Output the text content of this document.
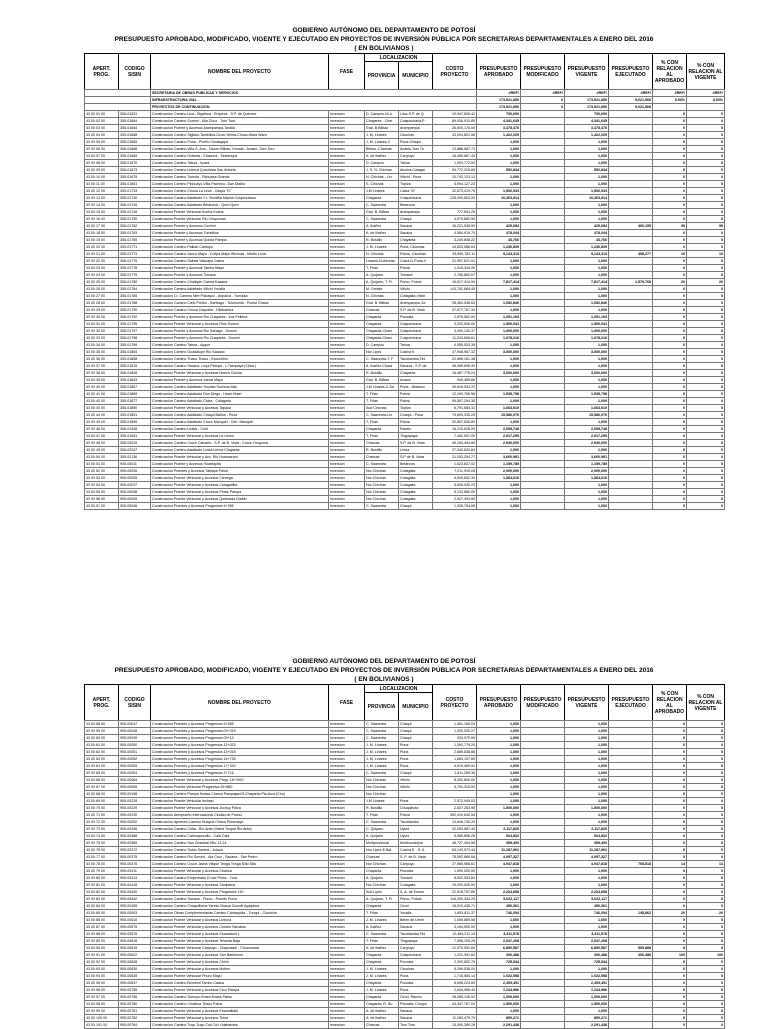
GOBIERNO AUTÓNOMO DEL DEPARTAMENTO DE POTOSÍ
PRESUPUESTO APROBADO, MODIFICADO, VIGENTE Y EJECUTADO EN PROYECTOS DE INVERSIÓN PÚBLICA POR SECRETARIAS DEPARTAMENTALES A ENERO DEL 2016
( EN BOLIVIANOS )
APERT. PROG.	CODIGO SISIN	NOMBRE DEL PROYECTO	FASE	LOCALIZACION		COSTO PROYECTO	PRESUPUESTO APROBADO	PRESUPUESTO MODIFICADO	PRESUPUESTO VIGENTE	PRESUPUESTO EJECUTADO	% CON RELACION AL APROBADO	% CON RELACION AL VIGENTE
				PROVINCIA	MUNICIPIO							
		SECRETARIA DE OBRAS PUBLICAS Y SERVICIOS					#REF!	#REF!	#REF!	#REF!	#REF!	#REF!
		INFRAESTRUCTURA VIAL					173,921,850	0	173,921,850	9,621,568	5.53%	5.53%
		PROYECTOS DE CONTINUACION					173,921,850	0	173,921,850	9,621,568		
43 00 01 00	355-01531	Construccion Camino Lica - Sigsihua - Empexa - S.P. de Quemez	Inversion	D. Campos-Ni.Li	Llica-S.P. de Q	10,947,806.42	700,000		700,000		0	0
43 00 02 00	355-01664	Construccion Camino Surumi - Alla Chuz - Toro Toro	Inversion	Chayanta - Char	Colquechaca-P	89,936,910.89	4,341,645		4,341,645		0	0
43 00 03 00	355-01644	Construccion Puente y Accesos Arampampa-Tanala	Inversion	Gral. B.Bilbao	Arampampa	26,600,175.00	3,478,476		3,478,476		0	0
43 00 04 00	355-01668	Construccion Camino Sigliani-Tambillos-Ocuri-Yelma-Chuza-Wara Wara	Inversion	J. M. Linares	Ckochas	33,004,801.56	1,422,205		1,422,205		0	0
43 00 05 00	355-01665	Construccion Camino Puna - Puerto Ckotaqaya	Inversion	J. M. Linares-C	Puna-Chaqui		1,000		1,000		0	0
43 00 06 00	355-01668	Construccion Camino Villa S. Ana - Tacom Bilbao-Yumala - Acasio -Toro Toro	Inversion	Bilbao -Charcas	Acasio-Toro To	13,886,887.73	1,000		1,000		0	0
43 00 07 00	355-01669	Construccion Camino Ocberla - Chacumi - Sewenque	Inversion	A. de Ibañez	Caripuyo	18,489,867.43	1,000		1,000		0	0
43 00 08 00	355-01670	Construccion Camino Tahua - Irpani	Inversion	D. Campos	Tahua	1,903,772.09	1,000		1,000		0	0
43 00 09 00	355-01673	Construccion Camino Limeca Quechisla San Antonio	Inversion	J. S. N. Chichas	Atocha-Cotagai	94,772,315.65	552,834		552,834		0	0
43 00 10 00	355-01675	Construccion Camino Tomola - Rahuasa Grande	Inversion	N. Chichas - Lin	Vitichi - Puna	10,742,123.13	1,000		1,000		0	0
43 00 11 00	355-01661	Construccion Camino Pinhuayo-Villa Pacheco -San Diablo	Inversion	S. Chichas	Tupiza	6,994,127.23	1,000		1,000		0	0
43 00 12 00	355-01733	Construccion Camino Chuca La Leva - Caspa "D"	Inversion	J.M Linares	Caiza "D"	32,673,419.75	1,506,933		1,506,933		0	0
43 00 13 00	355-01740	Construccion Camino Asfaltado Cr. Vicmillia Macha Colquechaca	Inversion	Chayanta	Colquechaca	125,493,603.05	10,403,914		10,403,914		0	0
43 00 14 00	355-01745	Construccion Camino Asfaltado Betanzos - Quivi Quivi	Inversion	C. Saavedra	Betanzos		1,000		1,000		0	0
43 00 15 00	355-01749	Construccion Puente Vehicular Kocha Kocha	Inversion	Gral. B. Bilbao	Arampampa	777,694.25	1,000		1,000		0	0
43 00 16 00	355-01750	Construccion Puente Vehicular Rio Chiquiuran	Inversion	C. Saavedra	Chaqui	4,575,682.90	1,000		1,000		0	0
43 00 17 00	355-01762	Construccion Puente y Accesos Cochini	Inversion	A. Ibañez	Sacaca	16,221,538.59	425,684		425,684	406,155	95	95
43 00 18 00	355-01763	Construccion Puente y Accesos Tumbillos	Inversion	A. de Ibañez	Sacaca	4,584,919.70	478,044		478,044		0	0
43 00 19 00	355-01765	Construccion Puente y Accesos Quinta Pampa	Inversion	R. Bustillo	Chayanta	3,249,698.22	43,766		43,766		0	0
43 00 20 00	355-01771	Construccion Camino Palkari Cantuyo	Inversion	J. M. Linares	Puna, Ckochas	14,833,586.63	1,236,839		1,236,839		0	0
43 00 21 00	355-01773	Construccion Camino Janco Mayu - Collpa Mayu Wichuta - Medio Luna	Inversion	N. Chichas	Potosi, Ckochas	39,890,762.11	5,143,313		5,143,313	498,277	10	10
43 00 22 00	355-01775	Construccion Camino Saihtal Vilacaya Caiiza	Inversion	Linares-N.chichas	Caiza-D-Puna-V	21,957,621.01	1,000		1,000		0	0
43 00 23 00	355-01778	Construccion Puente y Accesos Tambo Mayu	Inversion	T. Frias	Potosi	1,015,344.99	1,000		1,000		0	0
43 00 24 00	355-01779	Construccion Puente y Accesos Tomave	Inversion	A. Quijarro	Tomave	2,785,862.07	1,000		1,000		0	0
43 00 25 00	355-01780	Construccion Camino Chaliapin Carma Kasana	Inversion	A. Quijarro, T. Fr	Porco, Potosi	16,617,414.94	7,817,414		7,817,414	1,579,768	20	20
43 00 26 00	355-01784	Construccion Camino Asfaltado Vitichi Yocalla	Inversion	M. Omiste	Vitichi	143,782,684.45	1,000		1,000		0	0
43 00 27 00	355-01785	Construccion Cr. Camino Nee Pickayoc - Anpalca - Tumaisa	Inversion	N. Chichas	Cotagaita-Vitich		1,000		1,000		0	0
43 00 28 00	355-01788	Construccion Camino Cielo Punku - Santiago - Tolomonia - Punku Chaca	Inversion	Gral. B. Bilbao	Arampampa, Ac	28,464,048.63	1,052,846		1,052,846		0	0
43 00 29 00	355-01790	Construccion Camino Chuca Cayualla - Ollobamba	Inversion	Charcas	S.P. de B. Vista	37,877,767.34	1,000		1,000		0	0
43 00 30 00	355-01792	Construccion Puente y Accesos Rio Chayanta - Irca Fellena	Inversion	Chayanta	Pocoata	2,975,562.00	1,351,163		1,351,163		0	0
43 00 31 00	355-01795	Construccion Puente Vehicular y Accesos Rios Surumi	Inversion	Chayanta	Colquechaca	3,200,000.00	1,506,941		1,506,941		0	0
43 00 32 00	355-01797	Construccion Puente y Accesos Rio Sanaga - Surumi	Inversion	Chayanta-Charc	Colquechaca	3,400,130.37	1,000,000		1,000,000		0	0
43 00 33 00	355-01798	Construccion Puente y Accesos Rio Chayanta - Surumi	Inversion	Chayanta-Charc	Colquechaca	11,224,608.61	1,678,216		1,678,216		0	0
43 00 34 00	355-01799	Construccion Camino Tahua - Ayque	Inversion	D. Campos	Tahua	4,555,533.39	1,000		1,000		0	0
43 00 35 00	355-01804	Construccion Camino Guadalupe Rio Sacado	Inversion	Nor Lipez	Colcha K	47,948,967.32	3,000,000		3,000,000		0	0
43 00 36 00	355-01808	Construccion Camino Thaco Thaco - Escorichin	Inversion	C. Saavedra-T. F	Tacobamba,Tini	22,666,161.38	1,000		1,000		0	0
43 00 37 00	355-01815	Construccion Camino Sacaca -Leya Pampa - L.Tacopaya (Cbba.)	Inversion	A. Ibañez-Chara	Sacaca - S.P. de	38,489,698.39	1,000		1,000		0	0
43 00 38 00	355-01828	Construccion Puente Vehicular y Accesos Nueva Colcha	Inversion	R. Bustillo	Chayanta	16,487,776.24	3,000,000		3,000,000		0	0
43 00 39 00	355-01833	Construccion Puente y Accesos Jamal Mayu	Inversion	Gral. B. Bilbao	Acasio	940,485.66	1,000		1,000		0	0
43 00 40 00	355-01867	Construccion Camino Asfaltado Yurpata Suchma Alta	Inversion	J.M Linares-C.Sa	Puna - Betanzo	39,616,934.22	1,000		1,000		0	0
43 00 41 00	355-01869	Construccion Camino Asfaltado Don Diego - Huari Huari	Inversion	T. Frias	Potosi	12,109,766.56	1,535,798		1,535,798		0	0
43 00 42 00	355-01877	Construccion Camino Asfaltado Caiza - Cotagaita	Inversion	T. Frias	Potosi	59,557,294.38	1,000		1,000		0	0
43 00 43 00	355-01890	Construccion Puente Vehicular y Accesos Tapaxa	Inversion	Sud Chichas	Tupiza	6,791,684.33	1,663,010		1,663,010		0	0
43 00 44 00	355-01891	Construccion Camino Asfaltado Chaqui Baños - Puna	Inversion	C. Saavedra-Lin	Chaqui - Puna	73,693,335.25	15,586,076		15,586,076		0	0
43 00 45 00	355-01899	Construccion Camino Asfaltado Cruce Manquiri - Cerr. Manquiri	Inversion	T. Frias	Potosi	32,857,836.89	1,000		1,000		0	0
43 00 46 00	355-01908	Construccion Camino Leaka - Culti	Inversion	Chayanta	Ravelo	16,215,628.25	2,659,748		2,659,748		0	0
43 00 47 00	355-01941	Construccion Puente Vehicular y Accesos Le Union	Inversion	T. Frias	Tinguipaya	7,482,907.09	2,017,299		2,017,299		0	0
43 00 48 00	355-02019	Construccion Camino Cruce Calvario - S.P. de B. Vista - Cruce Yunguma	Inversion	Charcas	S.P. de B. Vista	45,154,494.66	2,940,000		2,940,000		0	0
43 00 49 00	355-02047	Construccion Camino Asfaltado Uncia Lirima Chayanta	Inversion	R. Bustillo	Uncia	27,242,632.84	1,000		1,000		0	0
43 00 50 00	355-02136	Construccion Puente Vehicular y Acc. Rio Huancarani	Inversion	Charcas	S.P de B. Vista	21,053,254.77	3,660,981		3,660,981		0	0
43 00 51 00	905-00011	Construccion Puente y Accesos Huantapita	Inversion	C. Saavedra	Betanzos	1,623,837.02	1,159,785		1,159,785		0	0
43 00 52 00	905-00026	Construccion Puentes y Accesos Tablaya Palca	Inversion	Nor Chichas	Cotagaita	7,011,919.05	2,000,000		2,000,000		0	0
43 00 53 00	905-00028	Construccion Puente Vehicular y Accesos Cienega	Inversion	Nor Chichas	Cotagaita	4,640,652.30	1,064,616		1,064,616		0	0
43 00 54 00	905-00037	Construccion Puente Vehicular y Accesos Cotagaitilla	Inversion	Nor Chichas	Cotagaita	5,635,930.23	1,000		1,000		0	0
43 00 55 00	905-00038	Construccion Puente Vehicular y Accesos Peras Pampa	Inversion	Nor Chichas	Cotagaita	5,133,880.09	1,000		1,000		0	0
43 00 56 00	905-00039	Construccion Puente Vehicular y Accesos Quebrada Diablo	Inversion	Nor Chichas	Cotagaita	2,927,493.69	1,000		1,000		0	0
43 00 57 00	905-00046	Construccion Puentes y Accesos Progresiva 4+355	Inversion	C. Saavedra	Chaqui	1,326,754.66	1,000		1,000		0	0
GOBIERNO AUTÓNOMO DEL DEPARTAMENTO DE POTOSÍ
PRESUPUESTO APROBADO, MODIFICADO, VIGENTE Y EJECUTADO EN PROYECTOS DE INVERSIÓN PÚBLICA POR SECRETARIAS DEPARTAMENTALES A ENERO DEL 2016
( EN BOLIVIANOS )
APERT. PROG.	CODIGO SISIN	NOMBRE DEL PROYECTO	FASE	LOCALIZACION		COSTO PROYECTO	PRESUPUESTO APROBADO	PRESUPUESTO MODIFICADO	PRESUPUESTO VIGENTE	PRESUPUESTO EJECUTADO	% CON RELACION AL APROBADO	% CON RELACION AL VIGENTE
				PROVINCIA	MUNICIPIO							
43 00 58 00	905-00047	Construccion Puentes y Accesos Progresiva 5+355	Inversion	C. Saavedra	Chaqui	1,581,160.03	1,000		1,000		0	0
43 00 59 00	905-00048	Construccion Puentes y Accesos Progresiva 09+019	Inversion	C. Saavedra	Chaqui	1,520,030.27	1,000		1,000		0	0
43 00 60 00	905-00049	Construccion Puentes y Accesos Progresiva 09+13	Inversion	C. Saavedra	Chaqui	933,970.06	1,000		1,000		0	0
43 00 61 00	905-00050	Construccion Puentes y Accesos Progresiva 12+023	Inversion	J. M. Linares	Puna	1,392,779.20	1,000		1,000		0	0
43 00 62 00	905-00051	Construccion Puentes y Accesos Progresiva 13+018	Inversion	J. M. Linares	Puna	2,689,838.88	1,000		1,000		0	0
43 00 63 00	905-00052	Construccion Puentes y Accesos Progresiva 14+735	Inversion	J. M. Linares	Puna	1,683,197.65	1,000		1,000		0	0
43 00 64 00	905-00053	Construccion Puentes y Accesos Progresiva 17+342	Inversion	J. M. Linares	Puna	4,519,469.51	1,000		1,000		0	0
43 00 65 00	905-00054	Construccion Puentes y Accesos Progresiva 3+716	Inversion	C. Saavedra	Chaqui	1,611,259.36	1,000		1,000		0	0
43 00 66 00	905-00064	Construccion Puente Vehicular y Accesos Progr. 16+300?	Inversion	Nor Chichas	Vitichi	8,252,600.00	1,000		1,000		0	0
43 00 67 00	905-00065	Construccion Puente Vehicular Progresiva 25+860	Inversion	Nor Chichas	Vitichi	5,791,315.00	1,000		1,000		0	0
43 00 68 00	905-00198	Construccion Camino Pampa Huasa Charca Pampajasi R.Chayanta Pla.Arca (Chu)	Inversion	Nor Chichas			1,000		1,000		0	0
43 00 69 00	905-00228	Construccion Puente Vehicular Inchasi	Inversion	J.M Linares	Puna	2,572,945.03	1,000		1,000		0	0
43 00 70 00	905-00229	Construccion Puente Vehicular y Accesos Juchuy Palca	Inversion	R. Bustillo	Chuquihuta	2,807,263.98	1,500,000		1,500,000		0	0
43 00 71 00	905-00230	Construccion Aeropuerto Internacional Ciudad de Potosi	Inversion	T. Frias	Potosi	392,410,640.54	1,000		1,000		0	0
43 00 72 00	905-00252	Construccion Apertura Camino Huayna Chasa Pilcomayo	Inversion	C. Saavedra	Tacobamba	13,646,740.20	1,000		1,000		0	0
43 00 73 00	905-00336	Construccion Camino Chita - Rio Anta (Vitichi Tuspai Rio Anta)	Inversion	C. Quijarro	Uyuni	32,083,887.45	2,117,825		2,117,825		0	0
43 00 74 00	905-00368	Construccion Camino Carhuayocollo - Cala Cala	Inversion	A. Quijarro	Uyuni	5,980,696.28	924,832		924,832		0	0
43 00 75 00	905-00369	Construccion Camino San Cristobal Hito 13-14	Inversion	Multiprovincial	Multimunicipal	48,727,304.96	359,493		359,493		0	0
43 00 76 00	905-00372	Construccion Camino Todos Santos - Julaca	Inversion	Nor Lipez-E.Bal	Colcha K - S. A	63,143,573.44	11,287,961		11,287,961		0	0
43 00 77 00	905-00375	Construccion Camino Rio Surumi - Ala Cruz - Sacana - San Pedro	Inversion	Charcas	S. P. de B. Vista	78,592,689.66	4,097,327		4,097,327		0	0
43 00 78 00	905-00376	Construccion Camino Cruce Jacha Villque Tenga Tenga Sillu Sillu	Inversion	Nor Chichas	Caripuyo	27,985,968.61	4,947,818		4,947,818	708,518	14	14
43 00 79 00	905-00411	Construccion Puente Vehicular y Accesos Chanca	Inversion	Chayanta	Pocoata	1,000,000.00	1,000		1,000		0	0
43 00 80 00	905-00413	Construccion Camino Empedrado Cruce Pelca - Yura	Inversion	A. Quijarro	Tomave	8,602,553.84	1,000		1,000		0	0
43 00 81 00	905-00418	Construccion Puente Vehicular y Accesos Sanipalca	Inversion	Nor Chichas	Cotagaita	15,000,000.00	1,000		1,000		0	0
43 00 82 00	905-00420	Construccion Puente Vehicular y Accesos Progresiva 140	Inversion	Sud Lipez	S. A. de Esmor	22,918,757.89	2,224,858		2,224,858		0	0
43 00 83 00	905-00442	Construccion Camino Tomave - Porco - Puente Porco	Inversion	A. Quijarro, T. Fr	Porco, Potosi	116,250,434.29	5,022,117		5,022,117		0	0
43 00 84 00	905-00455	Construccion Camino Chaquilloma Yareta Chasai Ckorofi Ayaqama	Inversion	Chayanta	Ocuri	16,510,435.71	456,361		456,361		0	0
43 00 85 00	905-00503	Construccion Obras Complementarias Camino Cantaquilla - Tunqui - Ckoricha	Inversion	T. Frias	Yocalla	1,853,811.37	746,094		746,094	148,862	20	20
43 00 86 00	905-00510	Construccion Puente Vehicular y Accesos Lintuna	Inversion	J. M. Linares	Belen de Urmir	1,006,869.58	1,000		1,000		0	0
43 00 87 00	905-00575	Construccion Puente Vehicular y Accesos Condor Samana	Inversion	A. Ibañez	Sacaca	3,154,500.00	1,000		1,000		0	0
43 00 88 00	905-00578	Construccion Puente Vehicular y Accesos Ckacsakeli 1	Inversion	C. Saavedra	Tacobamba,Tini	12,484,211.14	3,411,578		3,411,578		0	0
43 00 89 00	905-00618	Construccion Puente Vehicular y Accesos Teloeda Baja	Inversion	T. Frias	Tinguipaya	7,598,105.26	2,637,268		2,637,268		0	0
43 00 90 00	905-00619	Construccion Puente Vehicular Caripuyo - Chayeaarti - Chocorama	Inversion	A. de Ibañez	Caripuyo	12,570,951.64	6,890,587		6,890,587	555,888	8	8
43 00 91 00	905-00622	Construccion Puente Vehicular y Accesos San Bartolome	Inversion	Chayanta	Colquechaca	1,221,391.62	306,488		306,488	306,488	100	100
43 00 92 00	905-00628	Construccion Puente Vehicular y Accesos Chimi	Inversion	Chayanta	Pocoata	2,393,852.75	725,544		725,544		0	0
43 00 93 00	905-00630	Construccion Puente Vehicular y Accesos Molino	Inversion	J. M. Linares	Ckochas	8,299,538.00	1,000		1,000		0	0
43 00 94 00	905-00635	Construccion Puente Vehicular Phuru Mayu	Inversion	J. M. Linares	Puna	1,718,565.14	1,022,558		1,022,558		0	0
43 00 95 00	905-00637	Construccion Camino Bombori Tambo Caasa	Inversion	Chayanta	Pocoata	6,698,224.89	2,493,491		2,493,491		0	0
43 00 96 00	905-00755	Construccion Puente Vehicular y Accesos Cruz Pampa	Inversion	J. M. Linares	Puna	2,644,986.40	1,244,986		1,244,986		0	0
43 00 97 00	905-00756	Construccion Camino Tomoyo-Khara Khara-Paina	Inversion	Chayanta	Ocuri, Ravelo	28,285,126.92	1,000,000		1,000,000		0	0
43 00 98 00	905-00760	Construccion Camino Chullcca Thako Palca	Inversion	Chayanta, R. Bu	Pocoata, Chuqui	43,447,767.04	1,500,000		1,500,000		0	0
43 00 99 00	905-00761	Construccion Puente Vehicular y Accesos Khanatikalli	Inversion	A. de Ibañez	Sacaca		1,000		1,000		0	0
43 00 100 00	905-00762	Construccion Puente Vehicular y Accesos Tirina	Inversion	A. de Ibañez	Sacaca	11,183,479.70	850,271		850,271		0	0
43 00 101 00	905-00764	Construccion Camino Tuqu Tuqu Cuil Cuil Yolabamba	Inversion	Charcas	Toro Toro	10,090,389.26	2,291,438		2,291,438		0	0
